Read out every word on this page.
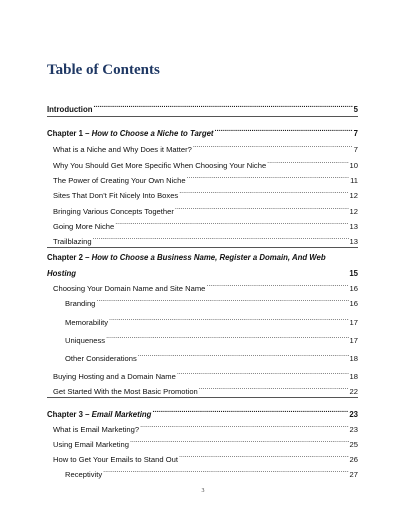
Table of Contents
Introduction .....	5
Chapter 1 – How to Choose a Niche to Target .....	7
What is a Niche and Why Does it Matter? .....	7
Why You Should Get More Specific When Choosing Your Niche .....	10
The Power of Creating Your Own Niche .....	11
Sites That Don’t Fit Nicely Into Boxes .....	12
Bringing Various Concepts Together .....	12
Going More Niche .....	13
Trailblazing .....	13
Chapter 2 – How to Choose a Business Name, Register a Domain, And Web
Hosting	15
Choosing Your Domain Name and Site Name .....	16
Branding .....	16
Memorability .....	17
Uniqueness .....	17
Other Considerations .....	18
Buying Hosting and a Domain Name .....	18
Get Started With the Most Basic Promotion .....	22
Chapter 3 – Email Marketing .....	23
What is Email Marketing? .....	23
Using Email Marketing .....	25
How to Get Your Emails to Stand Out .....	26
Receptivity .....	27
3
